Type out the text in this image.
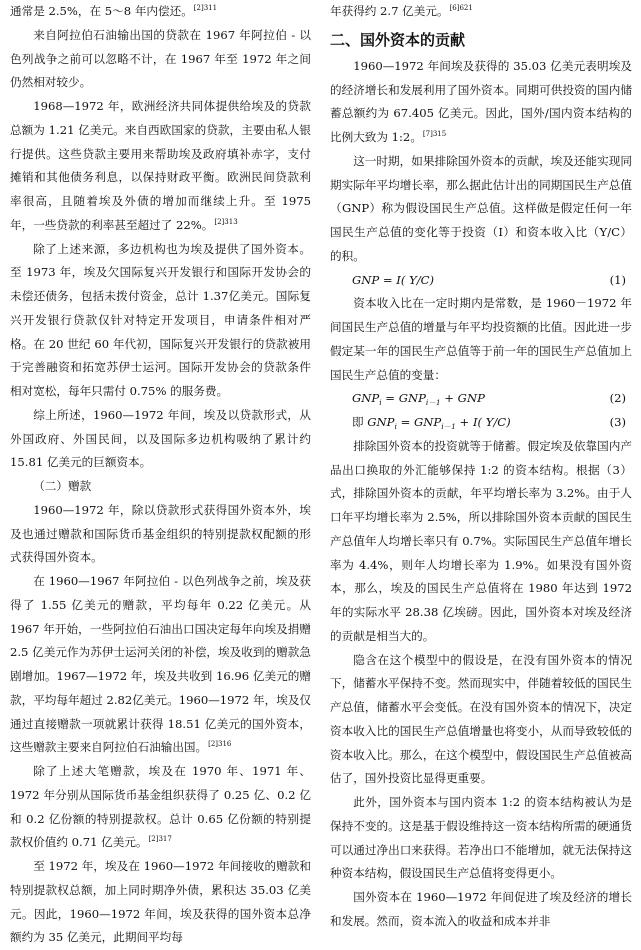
通常是 2.5%，在 5～8 年内偿还。$^{[2]311}$

来自阿拉伯石油输出国的贷款在 1967 年阿拉伯 - 以色列战争之前可以忽略不计，在 1967 年至 1972 年之间仍然相对较少。

1968—1972 年，欧洲经济共同体提供给埃及的贷款总额为 1.21 亿美元。来自西欧国家的贷款，主要由私人银行提供。这些贷款主要用来帮助埃及政府填补赤字，支付摊销和其他债务利息，以保持财政平衡。欧洲民间贷款利率很高，且随着埃及外债的增加而继续上升。至 1975 年，一些贷款的利率甚至超过了 22%。$^{[2]313}$

除了上述来源，多边机构也为埃及提供了国外资本。至 1973 年，埃及欠国际复兴开发银行和国际开发协会的未偿还债务，包括未拨付资金，总计 1.37亿美元。国际复兴开发银行贷款仅针对特定开发项目，申请条件相对严格。在 20 世纪 60 年代初，国际复兴开发银行的贷款被用于完善融资和拓宽苏伊士运河。国际开发协会的贷款条件相对宽松，每年只需付 0.75% 的服务费。

综上所述，1960—1972 年间，埃及以贷款形式，从外国政府、外国民间，以及国际多边机构吸纳了累计约 15.81 亿美元的巨额资本。

（二）赠款

1960—1972 年，除以贷款形式获得国外资本外，埃及也通过赠款和国际货币基金组织的特别提款权配额的形式获得国外资本。

在 1960—1967 年阿拉伯 - 以色列战争之前，埃及获得了 1.55 亿美元的赠款，平均每年 0.22 亿美元。从 1967 年开始，一些阿拉伯石油出口国决定每年向埃及捐赠 2.5 亿美元作为苏伊士运河关闭的补偿，埃及收到的赠款急剧增加。1967—1972 年，埃及共收到 16.96 亿美元的赠款，平均每年超过 2.82亿美元。1960—1972 年，埃及仅通过直接赠款一项就累计获得 18.51 亿美元的国外资本，这些赠款主要来自阿拉伯石油输出国。$^{[2]316}$

除了上述大笔赠款，埃及在 1970 年、1971 年、1972 年分别从国际货币基金组织获得了 0.25 亿、0.2 亿和 0.2 亿份额的特别提款权。总计 0.65 亿份额的特别提款权价值约 0.71 亿美元。$^{[2]317}$

至 1972 年，埃及在 1960—1972 年间接收的赠款和特别提款权总额，加上同时期净外债，累积达 35.03 亿美元。因此，1960—1972 年间，埃及获得的国外资本总净额约为 35 亿美元，此期间平均每

年获得约 2.7 亿美元。$^{[6]621}$

二、国外资本的贡献

1960—1972 年间埃及获得的 35.03 亿美元表明埃及的经济增长和发展利用了国外资本。同期可供投资的国内储蓄总额约为 67.405 亿美元。因此，国外/国内资本结构的比例大致为 1:2。$^{[7]315}$

这一时期，如果排除国外资本的贡献，埃及还能实现同期实际年平均增长率，那么据此估计出的同期国民生产总值（GNP）称为假设国民生产总值。这样做是假定任何一年国民生产总值的变化等于投资（I）和资本收入比（Y/C）的积。

GNP = I( Y/C)	(1)

资本收入比在一定时期内是常数，是 1960－1972 年间国民生产总值的增量与年平均投资额的比值。因此进一步假定某一年的国民生产总值等于前一年的国民生产总值加上国民生产总值的变量：

$GNP_i = GNP_{i-1}$ + GNP	(2)
即 $GNP_i = GNP_{i-1} + I$( Y/C)	(3)

排除国外资本的投资就等于储蓄。假定埃及依靠国内产品出口换取的外汇能够保持 1:2 的资本结构。根据（3）式，排除国外资本的贡献，年平均增长率为 3.2%。由于人口年平均增长率为 2.5%，所以排除国外资本贡献的国民生产总值年人均增长率只有 0.7%。实际国民生产总值年增长率为 4.4%，则年人均增长率为 1.9%。如果没有国外资本，那么，埃及的国民生产总值将在 1980 年达到 1972 年的实际水平 28.38 亿埃磅。因此，国外资本对埃及经济的贡献是相当大的。

隐含在这个模型中的假设是，在没有国外资本的情况下，储蓄水平保持不变。然而现实中，伴随着较低的国民生产总值，储蓄水平会变低。在没有国外资本的情况下，决定资本收入比的国民生产总值增量也将变小，从而导致较低的资本收入比。那么，在这个模型中，假设国民生产总值被高估了，国外投资比显得更重要。

此外，国外资本与国内资本 1:2 的资本结构被认为是保持不变的。这是基于假设维持这一资本结构所需的硬通货可以通过净出口来获得。若净出口不能增加，就无法保持这种资本结构，假设国民生产总值将变得更小。

国外资本在 1960—1972 年间促进了埃及经济的增长和发展。然而，资本流入的收益和成本并非
